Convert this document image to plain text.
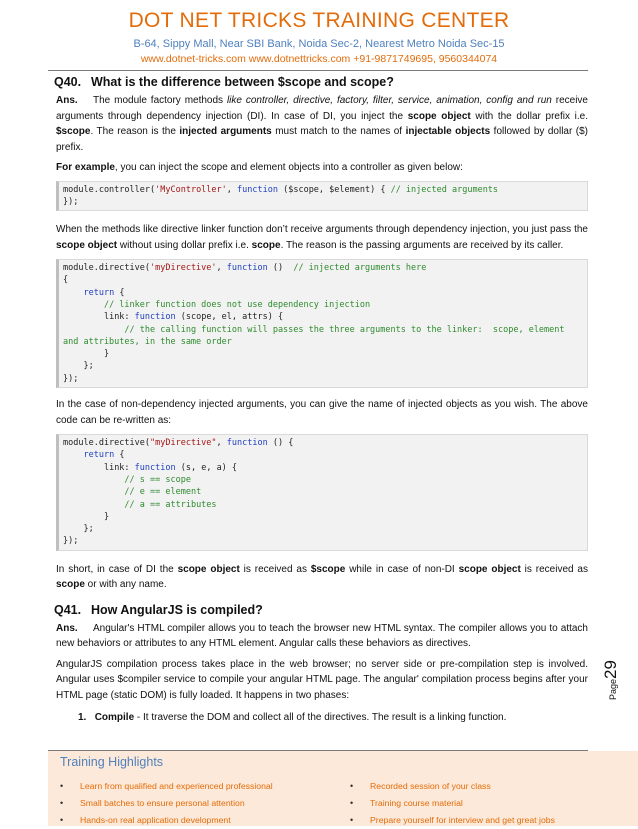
DOT NET TRICKS TRAINING CENTER
B-64, Sippy Mall, Near SBI Bank, Noida Sec-2, Nearest Metro Noida Sec-15
www.dotnet-tricks.com www.dotnettricks.com +91-9871749695, 9560344074
Q40. What is the difference between $scope and scope?

Ans. The module factory methods like controller, directive, factory, filter, service, animation, config and run receive arguments through dependency injection (DI). In case of DI, you inject the scope object with the dollar prefix i.e. $scope. The reason is the injected arguments must match to the names of injectable objects followed by dollar ($) prefix.

For example, you can inject the scope and element objects into a controller as given below:

module.controller('MyController', function ($scope, $element) { // injected arguments
});

When the methods like directive linker function don’t receive arguments through dependency injection, you just pass the scope object without using dollar prefix i.e. scope. The reason is the passing arguments are received by its caller.

module.directive('myDirective', function ()  // injected arguments here
{
return {
// linker function does not use dependency injection
link: function (scope, el, attrs) {
// the calling function will passes the three arguments to the linker:  scope, element and attributes, in the same order
}
};
});

In the case of non-dependency injected arguments, you can give the name of injected objects as you wish. The above code can be re-written as:

module.directive("myDirective", function () {
return {
link: function (s, e, a) {
// s == scope
// e == element
// a == attributes
}
};
});

In short, in case of DI the scope object is received as $scope while in case of non-DI scope object is received as scope or with any name.

Q41. How AngularJS is compiled?

Ans. Angular's HTML compiler allows you to teach the browser new HTML syntax. The compiler allows you to attach new behaviors or attributes to any HTML element. Angular calls these behaviors as directives.

AngularJS compilation process takes place in the web browser; no server side or pre-compilation step is involved. Angular uses $compiler service to compile your angular HTML page. The angular' compilation process begins after your HTML page (static DOM) is fully loaded. It happens in two phases:

1. Compile - It traverse the DOM and collect all of the directives. The result is a linking function.

Page29
Training Highlights
• Learn from qualified and experienced professional
• Small batches to ensure personal attention
• Hands-on real application development
• Recorded session of your class
• Training course material
• Prepare yourself for interview and get great jobs
